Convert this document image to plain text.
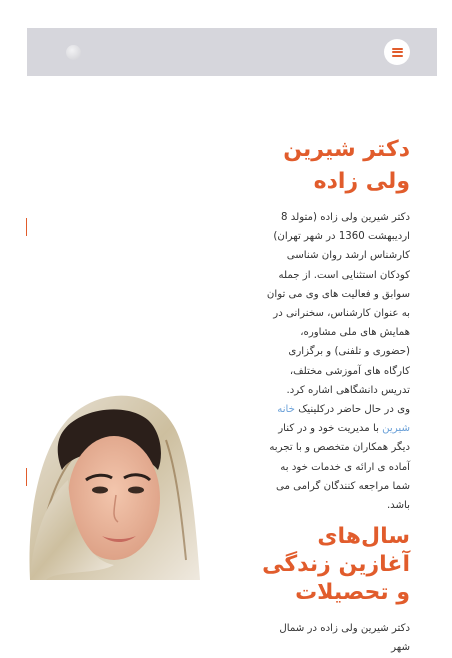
دکتر شیرین ولی زاده

دکتر شیرین ولی زاده (متولد 8 اردیبهشت 1360 در شهر تهران) کارشناس ارشد روان شناسی کودکان استثنایی است. از جمله سوابق و فعالیت های وی می توان به عنوان کارشناس، سخنرانی در همایش های ملی مشاوره، (حضوری و تلفنی) و برگزاری کارگاه های آموزشی مختلف، تدریس دانشگاهی اشاره کرد.

وی در حال حاضر درکلینیک خانه شیرین با مدیریت خود و در کنار دیگر همکاران متخصص و با تجربه آماده ی ارائه ی خدمات خود به شما مراجعه کنندگان گرامی می باشد.

سال‌های آغازین زندگی و تحصیلات

دکتر شیرین ولی زاده در شمال شهر
